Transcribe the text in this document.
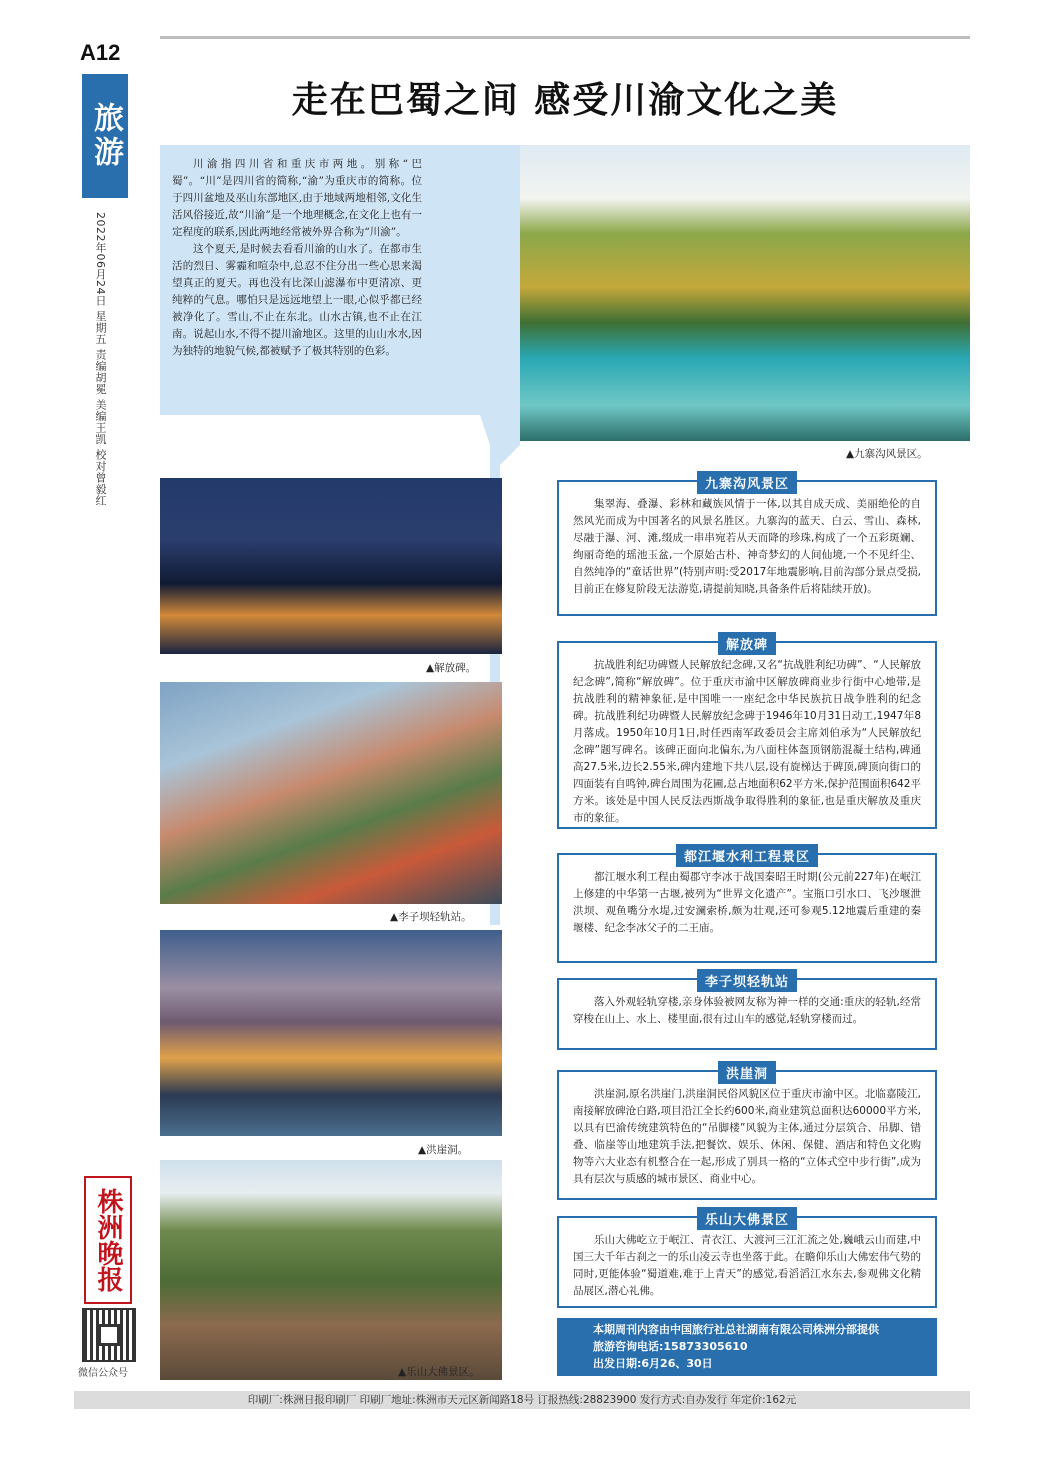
A12
旅游
2022年06月24日 星期五 责编胡冕 美编王凯 校对曾毅红
株洲晚报
微信公众号
走在巴蜀之间 感受川渝文化之美

川渝指四川省和重庆市两地。别称“巴蜀”。“川”是四川省的简称,“渝”为重庆市的简称。位于四川盆地及巫山东部地区,由于地域两地相邻,文化生活风俗接近,故“川渝”是一个地理概念,在文化上也有一定程度的联系,因此两地经常被外界合称为“川渝”。

这个夏天,是时候去看看川渝的山水了。在都市生活的烈日、雾霾和喧杂中,总忍不住分出一些心思来渴望真正的夏天。再也没有比深山滤瀑布中更清凉、更纯粹的气息。哪怕只是远远地望上一眼,心似乎都已经被净化了。雪山,不止在东北。山水古镇,也不止在江南。说起山水,不得不提川渝地区。这里的山山水水,因为独特的地貌气候,都被赋予了极其特别的色彩。

▲九寨沟风景区。
▲解放碑。
▲李子坝轻轨站。
▲洪崖洞。
▲乐山大佛景区。
九寨沟风景区
集翠海、叠瀑、彩林和藏族风情于一体,以其自成天成、美丽绝伦的自然风光而成为中国著名的风景名胜区。九寨沟的蓝天、白云、雪山、森林,尽融于瀑、河、滩,缀成一串串宛若从天而降的珍珠,构成了一个五彩斑斓、绚丽奇绝的瑶池玉盆,一个原始古朴、神奇梦幻的人间仙境,一个不见纤尘、自然纯净的“童话世界”(特别声明:受2017年地震影响,目前沟部分景点受损,目前正在修复阶段无法游览,请提前知晓,具备条件后将陆续开放)。
解放碑
抗战胜利纪功碑暨人民解放纪念碑,又名“抗战胜利纪功碑”、“人民解放纪念碑”,简称“解放碑”。位于重庆市渝中区解放碑商业步行街中心地带,是抗战胜利的精神象征,是中国唯一一座纪念中华民族抗日战争胜利的纪念碑。抗战胜利纪功碑暨人民解放纪念碑于1946年10月31日动工,1947年8月落成。1950年10月1日,时任西南军政委员会主席刘伯承为“人民解放纪念碑”题写碑名。该碑正面向北偏东,为八面柱体盔顶钢筋混凝土结构,碑通高27.5米,边长2.55米,碑内建地下共八层,设有旋梯达于碑顶,碑顶向街口的四面装有自鸣钟,碑台周围为花圃,总占地面积62平方米,保护范围面积642平方米。该处是中国人民反法西斯战争取得胜利的象征,也是重庆解放及重庆市的象征。
都江堰水利工程景区
都江堰水利工程由蜀郡守李冰于战国秦昭王时期(公元前227年)在岷江上修建的中华第一古堰,被列为“世界文化遗产”。宝瓶口引水口、飞沙堰泄洪坝、观鱼嘴分水堤,过安澜索桥,颇为壮观,还可参观5.12地震后重建的秦堰楼、纪念李冰父子的二王庙。
李子坝轻轨站
落入外观轻轨穿楼,亲身体验被网友称为神一样的交通:重庆的轻轨,经常穿梭在山上、水上、楼里面,很有过山车的感觉,轻轨穿楼而过。
洪崖洞
洪崖洞,原名洪崖门,洪崖洞民俗风貌区位于重庆市渝中区。北临嘉陵江,南接解放碑沧白路,项目沿江全长约600米,商业建筑总面积达60000平方米,以具有巴渝传统建筑特色的“吊脚楼”风貌为主体,通过分层筑合、吊脚、错叠、临崖等山地建筑手法,把餐饮、娱乐、休闲、保健、酒店和特色文化购物等六大业态有机整合在一起,形成了别具一格的“立体式空中步行街”,成为具有层次与质感的城市景区、商业中心。
乐山大佛景区
乐山大佛屹立于岷江、青衣江、大渡河三江汇流之处,巍峨云山而建,中国三大千年古刹之一的乐山凌云寺也坐落于此。在瞻仰乐山大佛宏伟气势的同时,更能体验“蜀道难,难于上青天”的感觉,看滔滔江水东去,参观佛文化精品展区,潜心礼佛。
本期周刊内容由中国旅行社总社湖南有限公司株洲分部提供
旅游咨询电话:15873305610
出发日期:6月26、30日
印刷厂:株洲日报印刷厂 印刷厂地址:株洲市天元区新闻路18号 订报热线:28823900 发行方式:自办发行 年定价:162元
